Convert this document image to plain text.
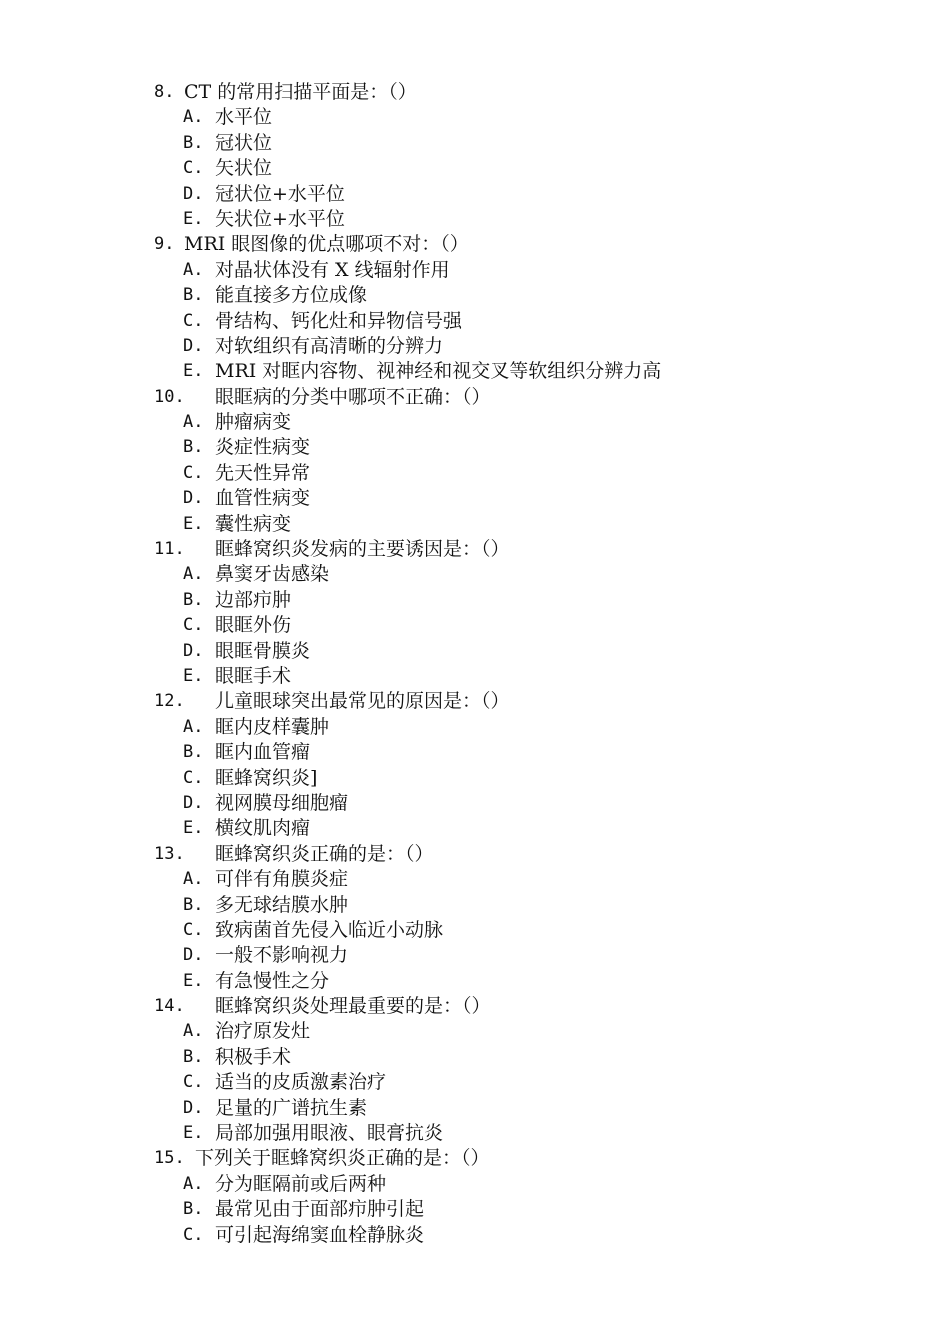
8. CT 的常用扫描平面是：（）
A. 水平位
B. 冠状位
C. 矢状位
D. 冠状位+水平位
E. 矢状位+水平位
9. MRI 眼图像的优点哪项不对：（）
A. 对晶状体没有 X 线辐射作用
B. 能直接多方位成像
C. 骨结构、钙化灶和异物信号强
D. 对软组织有高清晰的分辨力
E. MRI 对眶内容物、视神经和视交叉等软组织分辨力高
10.	眼眶病的分类中哪项不正确：（）
A. 肿瘤病变
B. 炎症性病变
C. 先天性异常
D. 血管性病变
E. 囊性病变
11.	眶蜂窝织炎发病的主要诱因是：（）
A. 鼻窦牙齿感染
B. 边部疖肿
C. 眼眶外伤
D. 眼眶骨膜炎
E. 眼眶手术
12.	儿童眼球突出最常见的原因是：（）
A. 眶内皮样囊肿
B. 眶内血管瘤
C. 眶蜂窝织炎]
D. 视网膜母细胞瘤
E. 横纹肌肉瘤
13.	眶蜂窝织炎正确的是：（）
A. 可伴有角膜炎症
B. 多无球结膜水肿
C. 致病菌首先侵入临近小动脉
D. 一般不影响视力
E. 有急慢性之分
14.	眶蜂窝织炎处理最重要的是：（）
A. 治疗原发灶
B. 积极手术
C. 适当的皮质激素治疗
D. 足量的广谱抗生素
E. 局部加强用眼液、眼膏抗炎
15. 下列关于眶蜂窝织炎正确的是：（）
A. 分为眶隔前或后两种
B. 最常见由于面部疖肿引起
C. 可引起海绵窦血栓静脉炎
